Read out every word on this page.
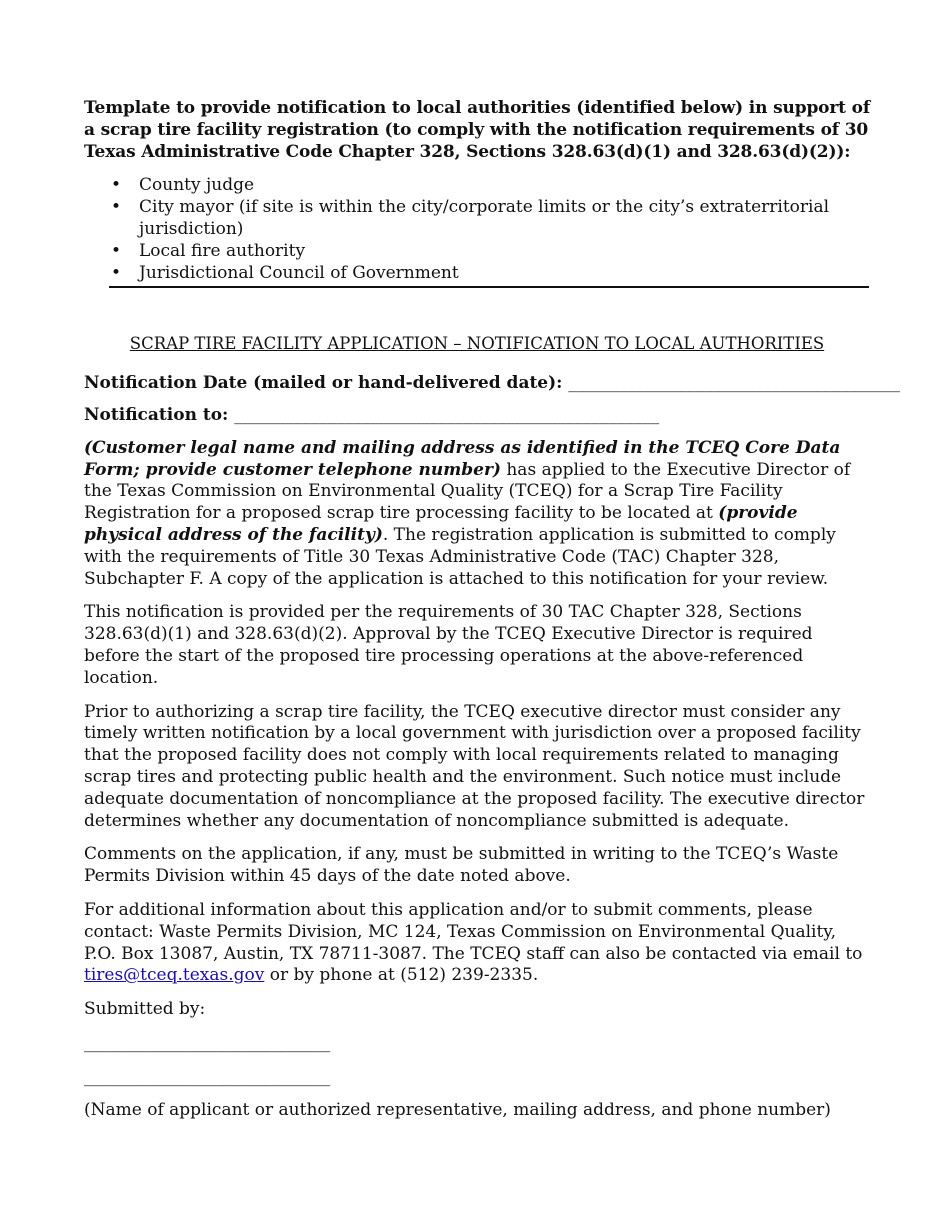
Template to provide notification to local authorities (identified below) in support of a scrap tire facility registration (to comply with the notification requirements of 30 Texas Administrative Code Chapter 328, Sections 328.63(d)(1) and 328.63(d)(2)):

• County judge
• City mayor (if site is within the city/corporate limits or the city’s extraterritorial jurisdiction)
• Local fire authority
• Jurisdictional Council of Government

SCRAP TIRE FACILITY APPLICATION – NOTIFICATION TO LOCAL AUTHORITIES

Notification Date (mailed or hand-delivered date): _______________________________________

Notification to: __________________________________________________

(Customer legal name and mailing address as identified in the TCEQ Core Data Form; provide customer telephone number) has applied to the Executive Director of the Texas Commission on Environmental Quality (TCEQ) for a Scrap Tire Facility Registration for a proposed scrap tire processing facility to be located at (provide physical address of the facility). The registration application is submitted to comply with the requirements of Title 30 Texas Administrative Code (TAC) Chapter 328, Subchapter F. A copy of the application is attached to this notification for your review.

This notification is provided per the requirements of 30 TAC Chapter 328, Sections 328.63(d)(1) and 328.63(d)(2). Approval by the TCEQ Executive Director is required before the start of the proposed tire processing operations at the above-referenced location.

Prior to authorizing a scrap tire facility, the TCEQ executive director must consider any timely written notification by a local government with jurisdiction over a proposed facility that the proposed facility does not comply with local requirements related to managing scrap tires and protecting public health and the environment. Such notice must include adequate documentation of noncompliance at the proposed facility. The executive director determines whether any documentation of noncompliance submitted is adequate.

Comments on the application, if any, must be submitted in writing to the TCEQ’s Waste Permits Division within 45 days of the date noted above.

For additional information about this application and/or to submit comments, please contact: Waste Permits Division, MC 124, Texas Commission on Environmental Quality, P.O. Box 13087, Austin, TX 78711-3087. The TCEQ staff can also be contacted via email to tires@tceq.texas.gov or by phone at (512) 239-2335.

Submitted by:

______________________________

______________________________

(Name of applicant or authorized representative, mailing address, and phone number)
